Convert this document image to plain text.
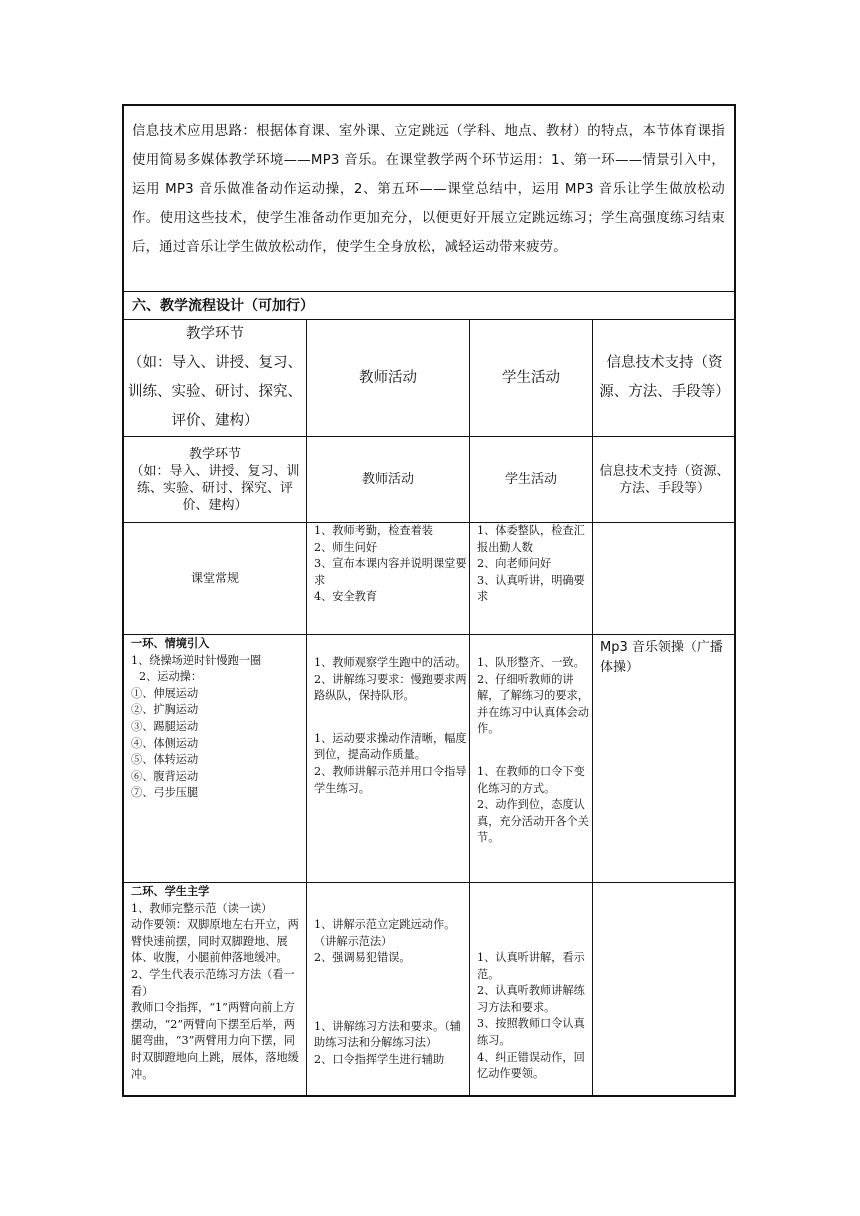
信息技术应用思路：根据体育课、室外课、立定跳远（学科、地点、教材）的特点，本节体育课指使用简易多媒体教学环境——MP3 音乐。在课堂教学两个环节运用：1、第一环——情景引入中，运用 MP3 音乐做准备动作运动操，2、第五环——课堂总结中，运用 MP3 音乐让学生做放松动作。使用这些技术，使学生准备动作更加充分，以便更好开展立定跳远练习；学生高强度练习结束后，通过音乐让学生做放松动作，使学生全身放松，减轻运动带来疲劳。
六、教学流程设计（可加行）
教学环节
（如：导入、讲授、复习、训练、实验、研讨、探究、评价、建构）
教师活动	学生活动
信息技术支持（资源、方法、手段等）
教学环节
（如：导入、讲授、复习、训练、实验、研讨、探究、评价、建构）
教师活动	学生活动
信息技术支持（资源、方法、手段等）
课堂常规

1、教师考勤，检查着装

2、师生问好

3、宣布本课内容并说明课堂要求

4、安全教育

1、体委整队，检查汇报出勤人数

2、向老师问好

3、认真听讲，明确要求

一环、情境引入

1、绕操场逆时针慢跑一圈

2、运动操：

①、伸展运动

②、扩胸运动

③、踢腿运动

④、体侧运动

⑤、体转运动

⑥、腹背运动

⑦、弓步压腿

1、教师观察学生跑中的活动。

2、讲解练习要求：慢跑要求两路纵队，保持队形。

1、运动要求操动作清晰，幅度到位，提高动作质量。

2、教师讲解示范并用口令指导学生练习。

1、队形整齐、一致。

2、仔细听教师的讲解，了解练习的要求，并在练习中认真体会动作。

1、在教师的口令下变化练习的方式。

2、动作到位，态度认真，充分活动开各个关节。

Mp3 音乐领操（广播体操）

二环、学生主学

1、教师完整示范（读一读）

动作要领：双脚原地左右开立，两臂快速前摆，同时双脚蹬地、展体、收腹，小腿前伸落地缓冲。

2、学生代表示范练习方法（看一看）

教师口令指挥，“1”两臂向前上方摆动，“2”两臂向下摆至后举，两腿弯曲，“3”两臂用力向下摆，同时双脚蹬地向上跳，展体，落地缓冲。

1、讲解示范立定跳远动作。（讲解示范法）

2、强调易犯错误。

1、讲解练习方法和要求。（辅助练习法和分解练习法）

2、口令指挥学生进行辅助

1、认真听讲解，看示范。

2、认真听教师讲解练习方法和要求。

3、按照教师口令认真练习。

4、纠正错误动作，回忆动作要领。
